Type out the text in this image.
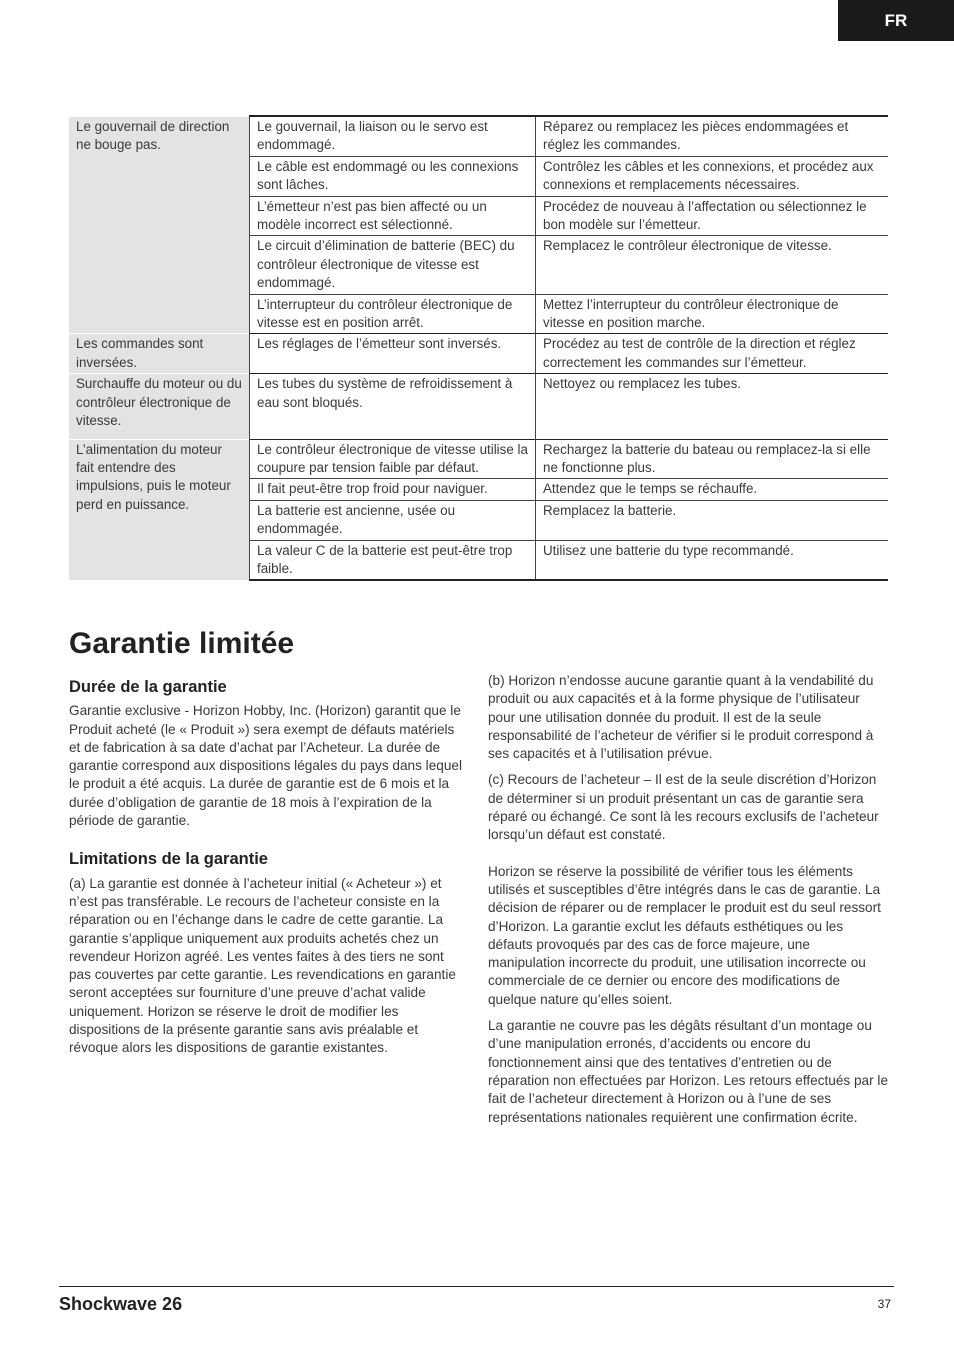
FR
Le gouvernail de direction ne bouge pas.	Le gouvernail, la liaison ou le servo est endommagé.	Réparez ou remplacez les pièces endommagées et réglez les commandes.
	Le câble est endommagé ou les connexions sont lâches.	Contrôlez les câbles et les connexions, et procédez aux connexions et remplacements nécessaires.
	L’émetteur n’est pas bien affecté ou un modèle incorrect est sélectionné.	Procédez de nouveau à l’affectation ou sélectionnez le bon modèle sur l’émetteur.
	Le circuit d’élimination de batterie (BEC) du contrôleur électronique de vitesse est endommagé.	Remplacez le contrôleur électronique de vitesse.
	L’interrupteur du contrôleur électronique de vitesse est en position arrêt.	Mettez l’interrupteur du contrôleur électronique de vitesse en position marche.
Les commandes sont inversées.	Les réglages de l’émetteur sont inversés.	Procédez au test de contrôle de la direction et réglez correctement les commandes sur l’émetteur.
Surchauffe du moteur ou du contrôleur électronique de vitesse.	Les tubes du système de refroidissement à eau sont bloqués.	Nettoyez ou remplacez les tubes.
L’alimentation du moteur fait entendre des impulsions, puis le moteur perd en puissance.	Le contrôleur électronique de vitesse utilise la coupure par tension faible par défaut.	Rechargez la batterie du bateau ou remplacez-la si elle ne fonctionne plus.
	Il fait peut-être trop froid pour naviguer.	Attendez que le temps se réchauffe.
	La batterie est ancienne, usée ou endommagée.	Remplacez la batterie.
	La valeur C de la batterie est peut-être trop faible.	Utilisez une batterie du type recommandé.
Garantie limitée
Durée de la garantie

Garantie exclusive - Horizon Hobby, Inc. (Horizon) garantit que le Produit acheté (le « Produit ») sera exempt de défauts matériels et de fabrication à sa date d’achat par l’Acheteur. La durée de garantie correspond aux dispositions légales du pays dans lequel le produit a été acquis. La durée de garantie est de 6 mois et la durée d’obligation de garantie de 18 mois à l’expiration de la période de garantie.

Limitations de la garantie

(a) La garantie est donnée à l’acheteur initial (« Acheteur ») et n’est pas transférable. Le recours de l’acheteur consiste en la réparation ou en l’échange dans le cadre de cette garantie. La garantie s’applique uniquement aux produits achetés chez un revendeur Horizon agréé. Les ventes faites à des tiers ne sont pas couvertes par cette garantie. Les revendications en garantie seront acceptées sur fourniture d’une preuve d’achat valide uniquement. Horizon se réserve le droit de modifier les dispositions de la présente garantie sans avis préalable et révoque alors les dispositions de garantie existantes.

(b) Horizon n’endosse aucune garantie quant à la vendabilité du produit ou aux capacités et à la forme physique de l’utilisateur pour une utilisation donnée du produit. Il est de la seule responsabilité de l’acheteur de vérifier si le produit correspond à ses capacités et à l’utilisation prévue.

(c) Recours de l’acheteur – Il est de la seule discrétion d’Horizon de déterminer si un produit présentant un cas de garantie sera réparé ou échangé. Ce sont là les recours exclusifs de l’acheteur lorsqu’un défaut est constaté.

Horizon se réserve la possibilité de vérifier tous les éléments utilisés et susceptibles d’être intégrés dans le cas de garantie. La décision de réparer ou de remplacer le produit est du seul ressort d’Horizon. La garantie exclut les défauts esthétiques ou les défauts provoqués par des cas de force majeure, une manipulation incorrecte du produit, une utilisation incorrecte ou commerciale de ce dernier ou encore des modifications de quelque nature qu’elles soient.

La garantie ne couvre pas les dégâts résultant d’un montage ou d’une manipulation erronés, d’accidents ou encore du fonctionnement ainsi que des tentatives d’entretien ou de réparation non effectuées par Horizon. Les retours effectués par le fait de l’acheteur directement à Horizon ou à l’une de ses représentations nationales requièrent une confirmation écrite.

Shockwave 26	37
